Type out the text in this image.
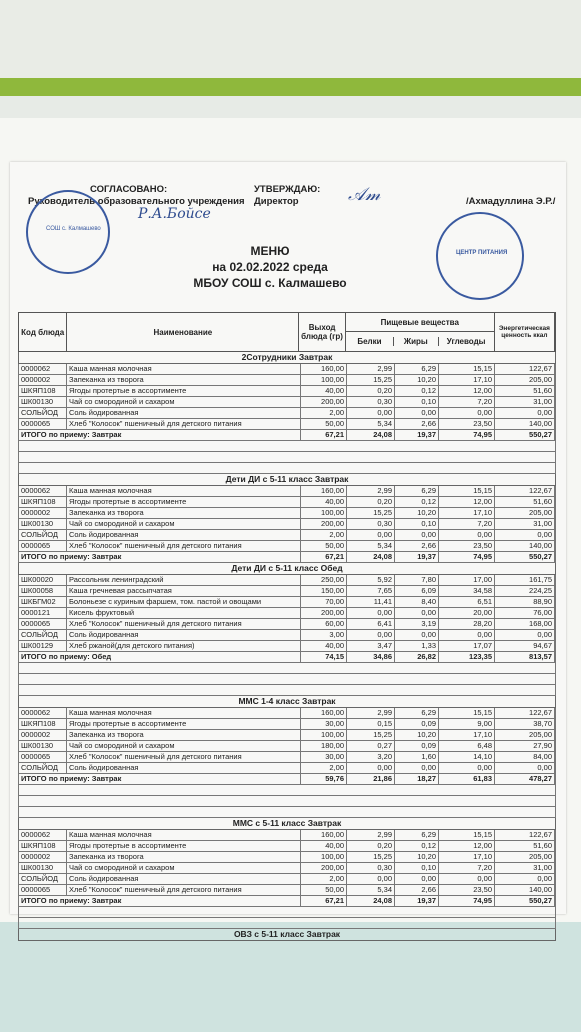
СОГЛАСОВАНО:
Руководитель образовательного учреждения
Р.А.Бойсе
УТВЕРЖДАЮ:
Директор	𝒜𝓂	/Ахмадуллина Э.Р./
СОШ с. Калмашево
ЦЕНТР ПИТАНИЯ
МЕНЮ
на 02.02.2022 среда
МБОУ СОШ с. Калмашево
Код блюда	Наименование	Выход блюда (гр)
Пищевые вещества
Белки	Жиры	Углеводы
Энергетическая ценность ккал
2Сотрудники Завтрак
0000062	Каша манная молочная	160,00	2,99	6,29	15,15	122,67
0000002	Запеканка из творога	100,00	15,25	10,20	17,10	205,00
ШКЯП108	Ягоды протертые в ассортименте	40,00	0,20	0,12	12,00	51,60
ШК00130	Чай со смородиной и сахаром	200,00	0,30	0,10	7,20	31,00
СОЛЬЙОД	Соль йодированная	2,00	0,00	0,00	0,00	0,00
0000065	Хлеб "Колосок" пшеничный для детского питания	50,00	5,34	2,66	23,50	140,00
ИТОГО по приему: Завтрак	67,21	24,08	19,37	74,95	550,27
Дети ДИ с 5-11 класс Завтрак
0000062	Каша манная молочная	160,00	2,99	6,29	15,15	122,67
ШКЯП108	Ягоды протертые в ассортименте	40,00	0,20	0,12	12,00	51,60
0000002	Запеканка из творога	100,00	15,25	10,20	17,10	205,00
ШК00130	Чай со смородиной и сахаром	200,00	0,30	0,10	7,20	31,00
СОЛЬЙОД	Соль йодированная	2,00	0,00	0,00	0,00	0,00
0000065	Хлеб "Колосок" пшеничный для детского питания	50,00	5,34	2,66	23,50	140,00
ИТОГО по приему: Завтрак	67,21	24,08	19,37	74,95	550,27
Дети ДИ с 5-11 класс Обед
ШК00020	Рассольник ленинградский	250,00	5,92	7,80	17,00	161,75
ШК00058	Каша гречневая рассыпчатая	150,00	7,65	6,09	34,58	224,25
ШКБГМ02	Болоньезе с куриным фаршем, том. пастой и овощами	70,00	11,41	8,40	6,51	88,90
0000121	Кисель фруктовый	200,00	0,00	0,00	20,00	76,00
0000065	Хлеб "Колосок" пшеничный для детского питания	60,00	6,41	3,19	28,20	168,00
СОЛЬЙОД	Соль йодированная	3,00	0,00	0,00	0,00	0,00
ШК00129	Хлеб ржаной(для детского питания)	40,00	3,47	1,33	17,07	94,67
ИТОГО по приему: Обед	74,15	34,86	26,82	123,35	813,57
ММС 1-4 класс Завтрак
0000062	Каша манная молочная	160,00	2,99	6,29	15,15	122,67
ШКЯП108	Ягоды протертые в ассортименте	30,00	0,15	0,09	9,00	38,70
0000002	Запеканка из творога	100,00	15,25	10,20	17,10	205,00
ШК00130	Чай со смородиной и сахаром	180,00	0,27	0,09	6,48	27,90
0000065	Хлеб "Колосок" пшеничный для детского питания	30,00	3,20	1,60	14,10	84,00
СОЛЬЙОД	Соль йодированная	2,00	0,00	0,00	0,00	0,00
ИТОГО по приему: Завтрак	59,76	21,86	18,27	61,83	478,27
ММС с 5-11 класс Завтрак
0000062	Каша манная молочная	160,00	2,99	6,29	15,15	122,67
ШКЯП108	Ягоды протертые в ассортименте	40,00	0,20	0,12	12,00	51,60
0000002	Запеканка из творога	100,00	15,25	10,20	17,10	205,00
ШК00130	Чай со смородиной и сахаром	200,00	0,30	0,10	7,20	31,00
СОЛЬЙОД	Соль йодированная	2,00	0,00	0,00	0,00	0,00
0000065	Хлеб "Колосок" пшеничный для детского питания	50,00	5,34	2,66	23,50	140,00
ИТОГО по приему: Завтрак	67,21	24,08	19,37	74,95	550,27
ОВЗ с 5-11 класс Завтрак
